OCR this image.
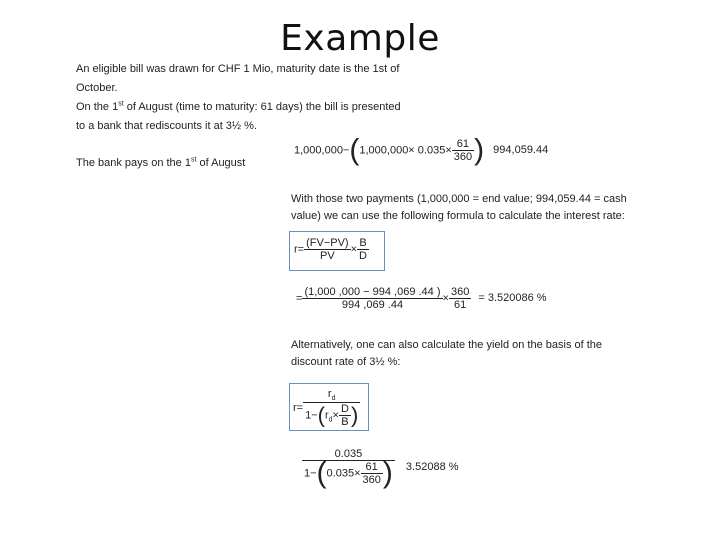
Example
An eligible bill was drawn for CHF 1 Mio, maturity date is the 1st of
October.
On the 1st of August (time to maturity: 61 days) the bill is presented
to a bank that rediscounts it at 3½ %.
The bank pays on the 1st of August
$1,000,000-(1,000,000\times 0.035\times \frac{61}{360}$ ) 994,059.44
With those two payments (1,000,000 = end value; 994,059.44 = cash
value) we can use the following formula to calculate the interest rate:
$r= \frac{(FV-PV)}{PV} \times \frac{B}{D}$
= $\frac{(1,000 ,000 - 994 ,069 .44 )}{994 ,069 .44} \times \frac{360}{61} = 3.520086$ %
Alternatively, one can also calculate the yield on the basis of the
discount rate of 3½ %:
$r= \frac{r_d}{1-(r_d\times \frac{D}{B} )}$
$\frac{0.035}{1-(0.035\times \frac{61}{360} )} 3.52088$ %
